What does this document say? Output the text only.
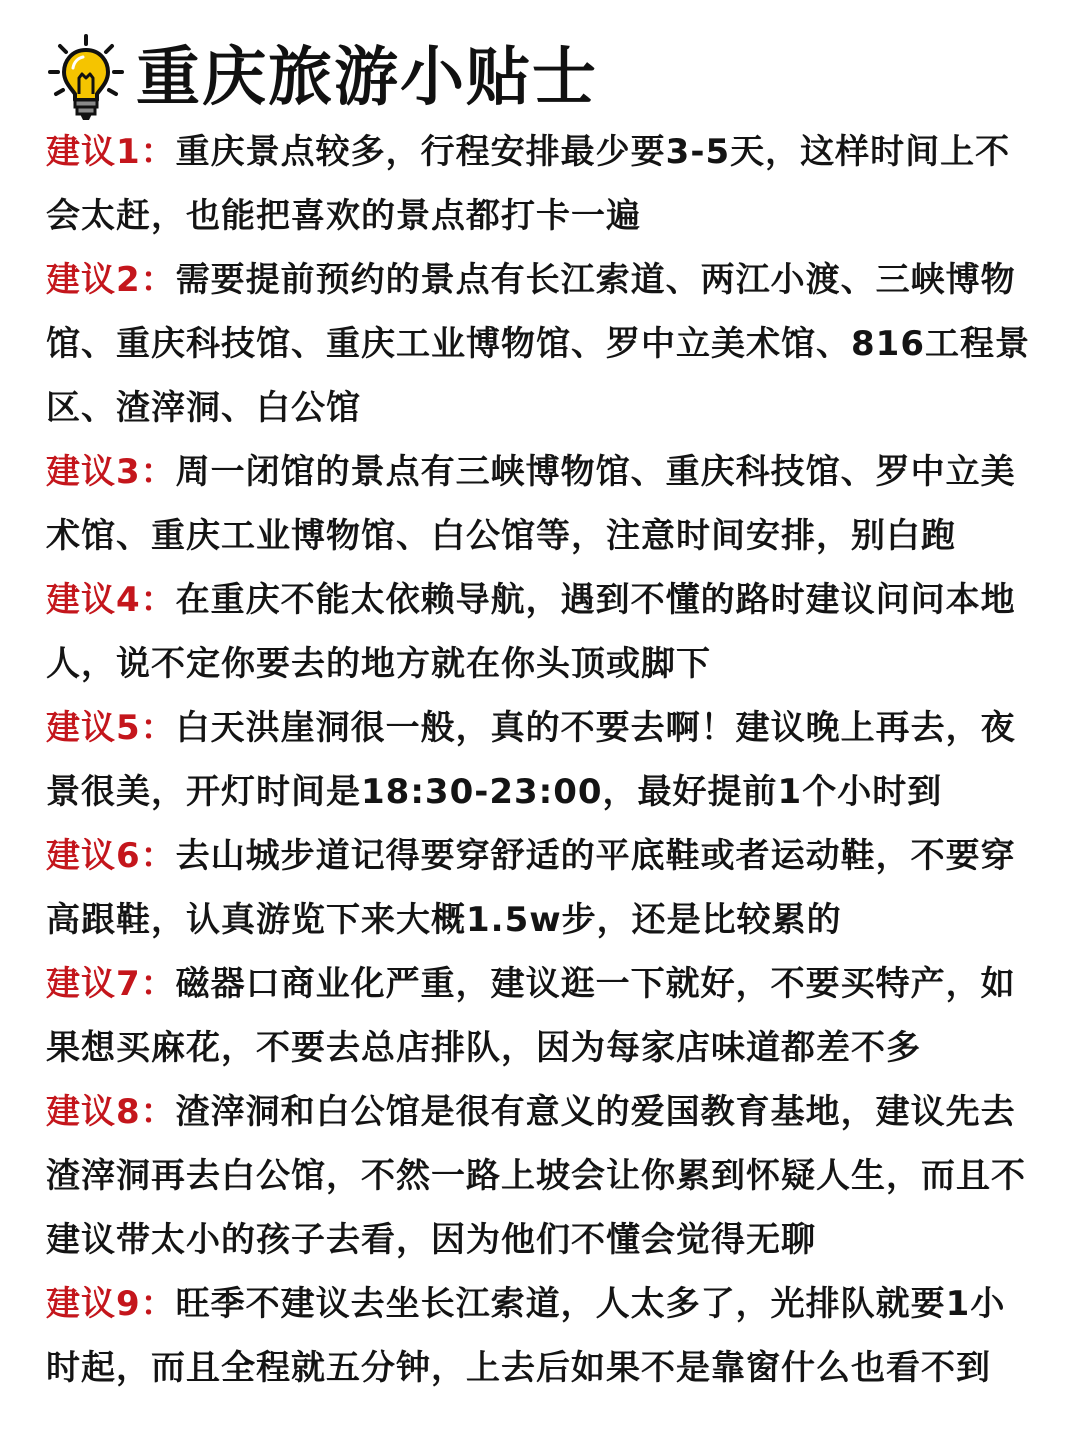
重庆旅游小贴士

建议1：重庆景点较多，行程安排最少要3-5天，这样时间上不会太赶，也能把喜欢的景点都打卡一遍

建议2：需要提前预约的景点有长江索道、两江小渡、三峡博物馆、重庆科技馆、重庆工业博物馆、罗中立美术馆、816工程景区、渣滓洞、白公馆

建议3：周一闭馆的景点有三峡博物馆、重庆科技馆、罗中立美术馆、重庆工业博物馆、白公馆等，注意时间安排，别白跑

建议4：在重庆不能太依赖导航，遇到不懂的路时建议问问本地人，说不定你要去的地方就在你头顶或脚下

建议5：白天洪崖洞很一般，真的不要去啊！建议晚上再去，夜景很美，开灯时间是18:30-23:00，最好提前1个小时到

建议6：去山城步道记得要穿舒适的平底鞋或者运动鞋，不要穿高跟鞋，认真游览下来大概1.5w步，还是比较累的

建议7：磁器口商业化严重，建议逛一下就好，不要买特产，如果想买麻花，不要去总店排队，因为每家店味道都差不多

建议8：渣滓洞和白公馆是很有意义的爱国教育基地，建议先去渣滓洞再去白公馆，不然一路上坡会让你累到怀疑人生，而且不建议带太小的孩子去看，因为他们不懂会觉得无聊

建议9：旺季不建议去坐长江索道，人太多了，光排队就要1小时起，而且全程就五分钟，上去后如果不是靠窗什么也看不到
